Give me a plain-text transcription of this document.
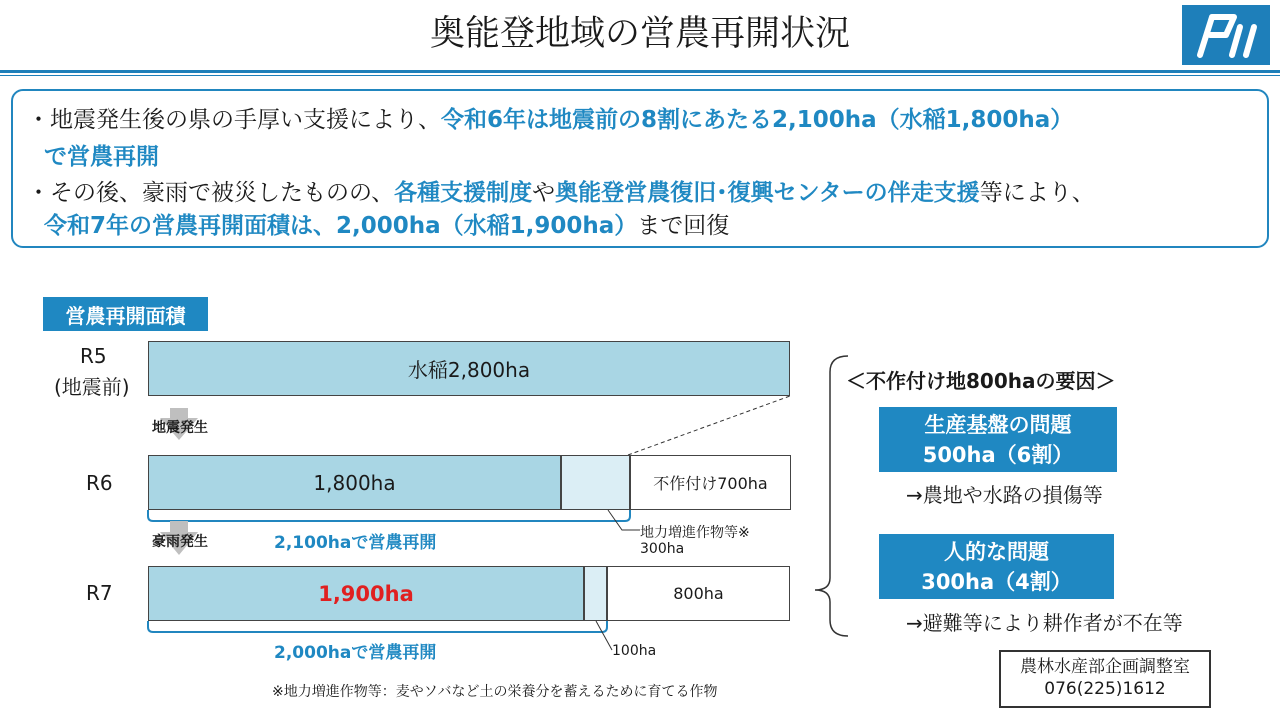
奥能登地域の営農再開状況
・地震発生後の県の手厚い支援により、令和6年は地震前の8割にあたる2,100ha（水稲1,800ha）
で営農再開
・その後、豪雨で被災したものの、各種支援制度や奥能登営農復旧･復興センターの伴走支援等により、
令和7年の営農再開面積は、2,000ha（水稲1,900ha）まで回復
営農再開面積
R5
(地震前)
R6
R7
水稲2,800ha
1,800ha	不作付け700ha
1,900ha	800ha
地震発生
豪雨発生	2,100haで営農再開
2,000haで営農再開
地力増進作物等※
300ha
100ha
※地力増進作物等：麦やソバなど土の栄養分を蓄えるために育てる作物
＜不作付け地800haの要因＞
生産基盤の問題
500ha（6割）
→農地や水路の損傷等
人的な問題
300ha（4割）
→避難等により耕作者が不在等
農林水産部企画調整室
076(225)1612
